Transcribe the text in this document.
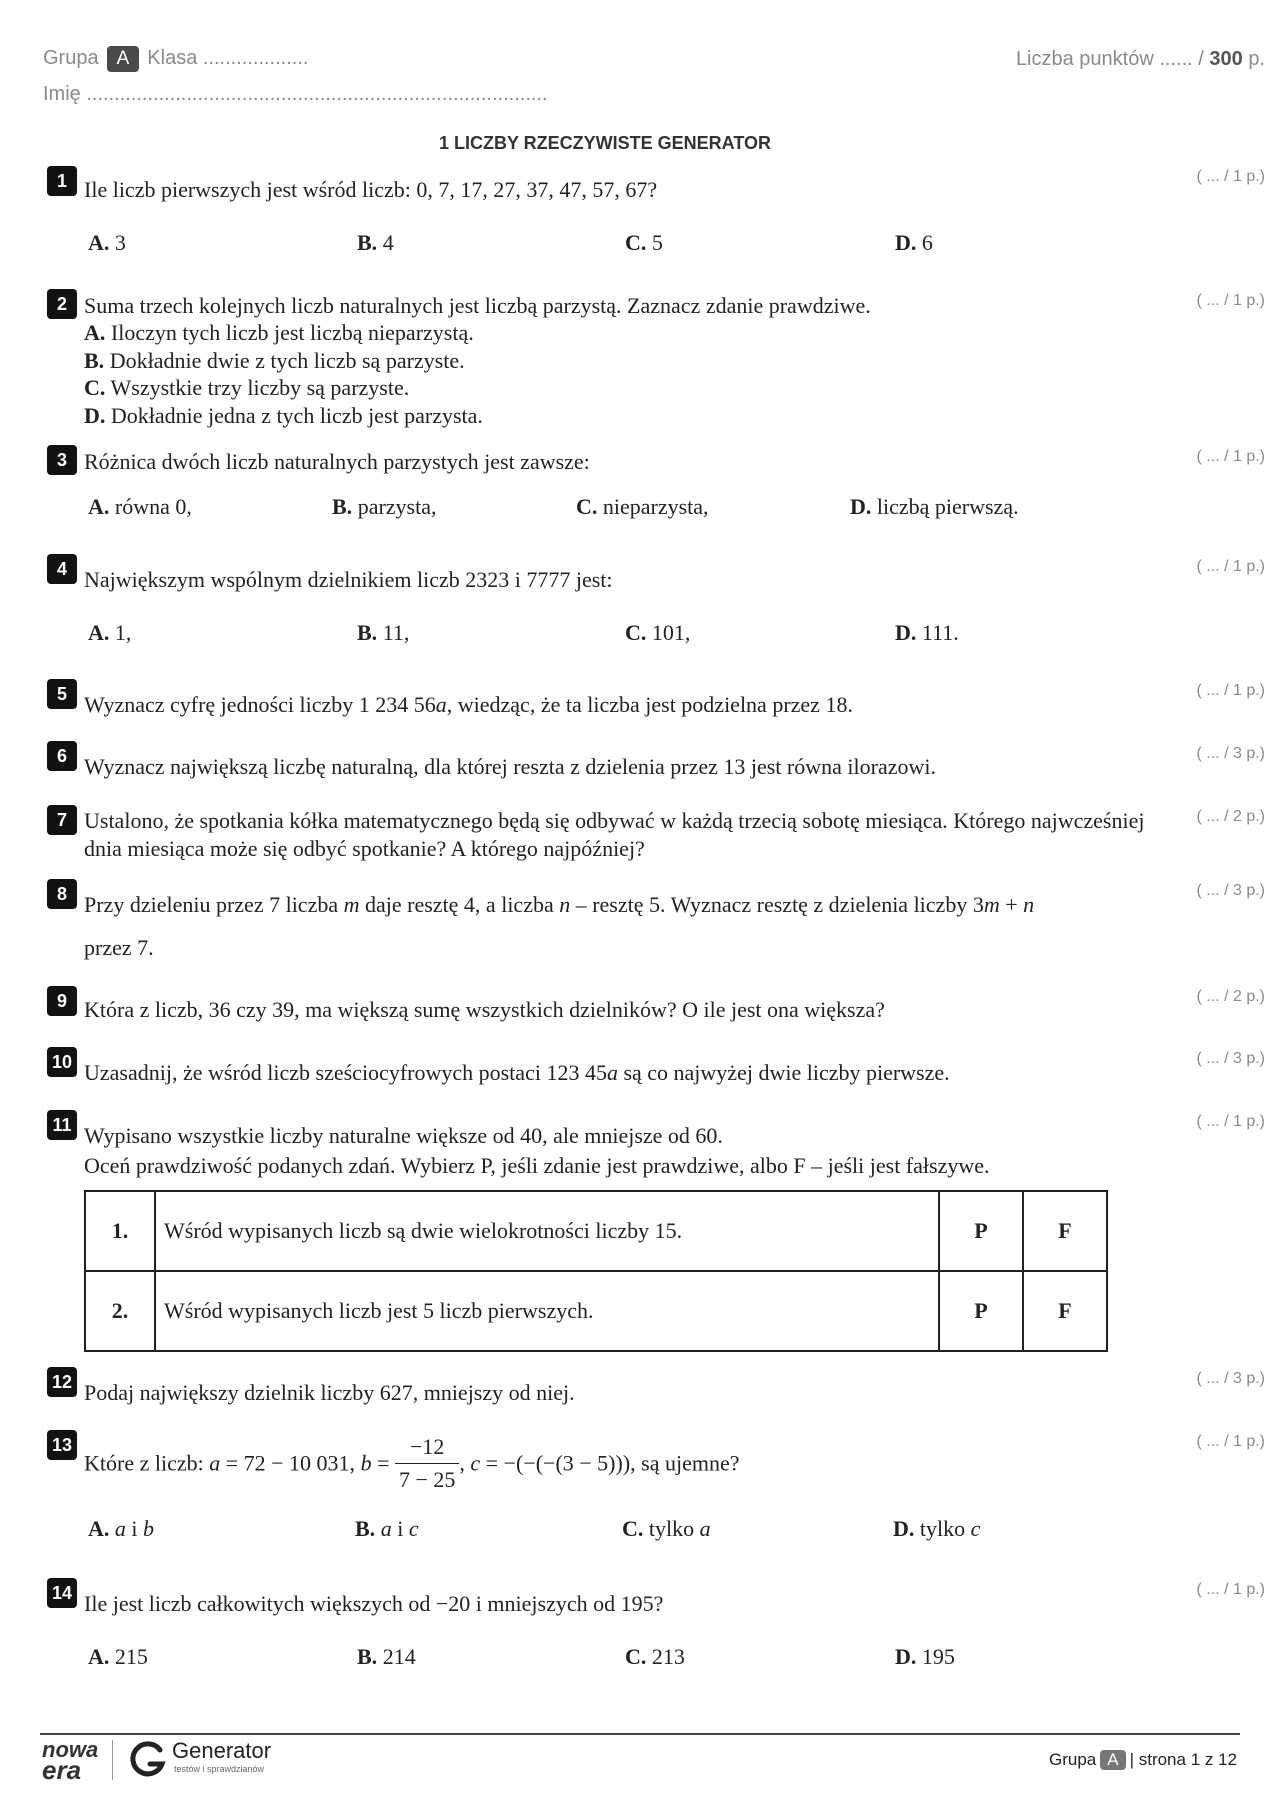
Grupa A Klasa ...................	Liczba punktów ...... / 300 p.
Imię ...................................................................................
1 LICZBY RZECZYWISTE GENERATOR
1 Ile liczb pierwszych jest wśród liczb: 0, 7, 17, 27, 37, 47, 57, 67?
( ... / 1 p.)
A. 3	B. 4	C. 5	D. 6
2 Suma trzech kolejnych liczb naturalnych jest liczbą parzystą. Zaznacz zdanie prawdziwe.	( ... / 1 p.)
A. Iloczyn tych liczb jest liczbą nieparzystą.
B. Dokładnie dwie z tych liczb są parzyste.
C. Wszystkie trzy liczby są parzyste.
D. Dokładnie jedna z tych liczb jest parzysta.
3 Różnica dwóch liczb naturalnych parzystych jest zawsze:	( ... / 1 p.)
A. równa 0,	B. parzysta,	C. nieparzysta,	D. liczbą pierwszą.
4 Największym wspólnym dzielnikiem liczb 2323 i 7777 jest:
( ... / 1 p.)
A. 1,	B. 11,	C. 101,	D. 111.
5 Wyznacz cyfrę jedności liczby 1 234 56a, wiedząc, że ta liczba jest podzielna przez 18.
( ... / 1 p.)
6 Wyznacz największą liczbę naturalną, dla której reszta z dzielenia przez 13 jest równa ilorazowi.
( ... / 3 p.)
7 Ustalono, że spotkania kółka matematycznego będą się odbywać w każdą trzecią sobotę miesiąca. Którego najwcześniej dnia miesiąca może się odbyć spotkanie? A którego najpóźniej?
( ... / 2 p.)
8 Przy dzieleniu przez 7 liczba m daje resztę 4, a liczba n – resztę 5. Wyznacz resztę z dzielenia liczby 3m + n
przez 7.
( ... / 3 p.)
9 Która z liczb, 36 czy 39, ma większą sumę wszystkich dzielników? O ile jest ona większa?
( ... / 2 p.)
10 Uzasadnij, że wśród liczb sześciocyfrowych postaci 123 45a są co najwyżej dwie liczby pierwsze.
( ... / 3 p.)
11 Wypisano wszystkie liczby naturalne większe od 40, ale mniejsze od 60.
Oceń prawdziwość podanych zdań. Wybierz P, jeśli zdanie jest prawdziwe, albo F – jeśli jest fałszywe.
( ... / 1 p.)
1.	Wśród wypisanych liczb są dwie wielokrotności liczby 15.	P	F
2.	Wśród wypisanych liczb jest 5 liczb pierwszych.	P	F
12 Podaj największy dzielnik liczby 627, mniejszy od niej.
( ... / 3 p.)
13
Które z liczb: a = 72 − 10 031, $b = \frac{-12}{7 - 25}$ , c = −(−(−(3 − 5))), są ujemne?
( ... / 1 p.)
A. a i b	B. a i c	C. tylko a	D. tylko c
14 Ile jest liczb całkowitych większych od −20 i mniejszych od 195?
( ... / 1 p.)
A. 215	B. 214	C. 213	D. 195
nowa
era
Generator
testów i sprawdzianów	Grupa A | strona 1 z 12
